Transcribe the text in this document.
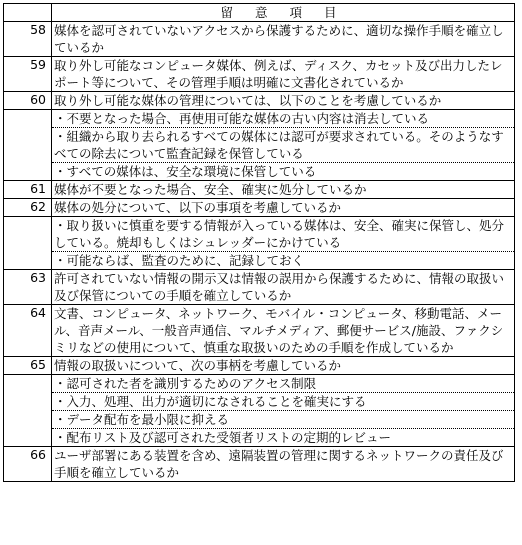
	留 意 項 目
58	媒体を認可されていないアクセスから保護するために、適切な操作手順を確立しているか

59	取り外し可能なコンピュータ媒体、例えば、ディスク、カセット及び出力したレポート等について、その管理手順は明確に文書化されているか

60	取り外し可能な媒体の管理については、以下のことを考慮しているか

	・不要となった場合、再使用可能な媒体の古い内容は消去している
・組織から取り去られるすべての媒体には認可が要求されている。そのようなすべての除去について監査記録を保管している
・すべての媒体は、安全な環境に保管している

61	媒体が不要となった場合、安全、確実に処分しているか

62	媒体の処分について、以下の事項を考慮しているか

	・取り扱いに慎重を要する情報が入っている媒体は、安全、確実に保管し、処分している。焼却もしくはシュレッダーにかけている
・可能ならば、監査のために、記録しておく

63	許可されていない情報の開示又は情報の誤用から保護するために、情報の取扱い及び保管についての手順を確立しているか

64	文書、コンピュータ、ネットワーク、モバイル・コンピュータ、移動電話、メール、音声メール、一般音声通信、マルチメディア、郵便サービス/施設、ファクシミリなどの使用について、慎重な取扱いのための手順を作成しているか

65	情報の取扱いについて、次の事柄を考慮しているか

	・認可された者を識別するためのアクセス制限
・入力、処理、出力が適切になされることを確実にする
・データ配布を最小限に抑える
・配布リスト及び認可された受領者リストの定期的レビュー

66	ユーザ部署にある装置を含め、遠隔装置の管理に関するネットワークの責任及び手順を確立しているか
